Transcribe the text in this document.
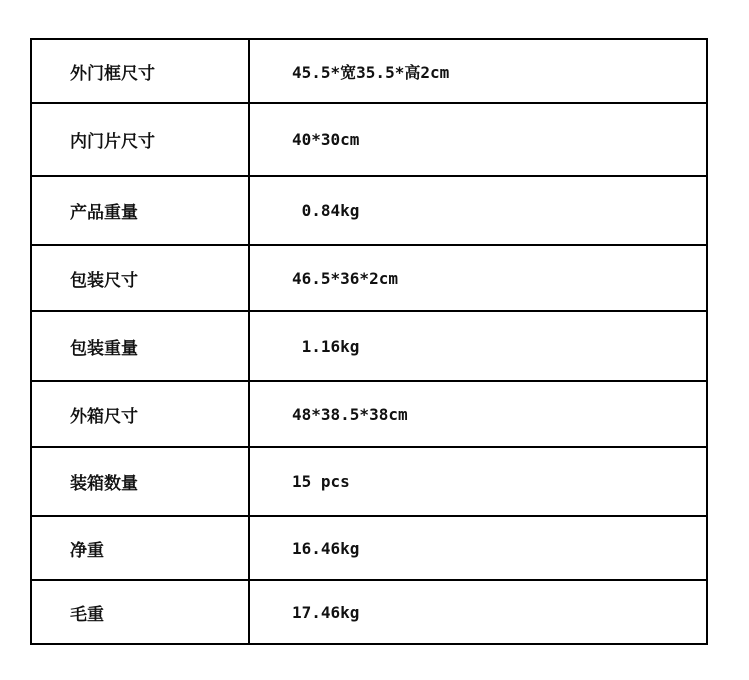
外门框尺寸	45.5*宽35.5*高2cm
内门片尺寸	40*30cm
产品重量	0.84kg
包装尺寸	46.5*36*2cm
包装重量	1.16kg
外箱尺寸	48*38.5*38cm
装箱数量	15 pcs
净重	16.46kg
毛重	17.46kg
